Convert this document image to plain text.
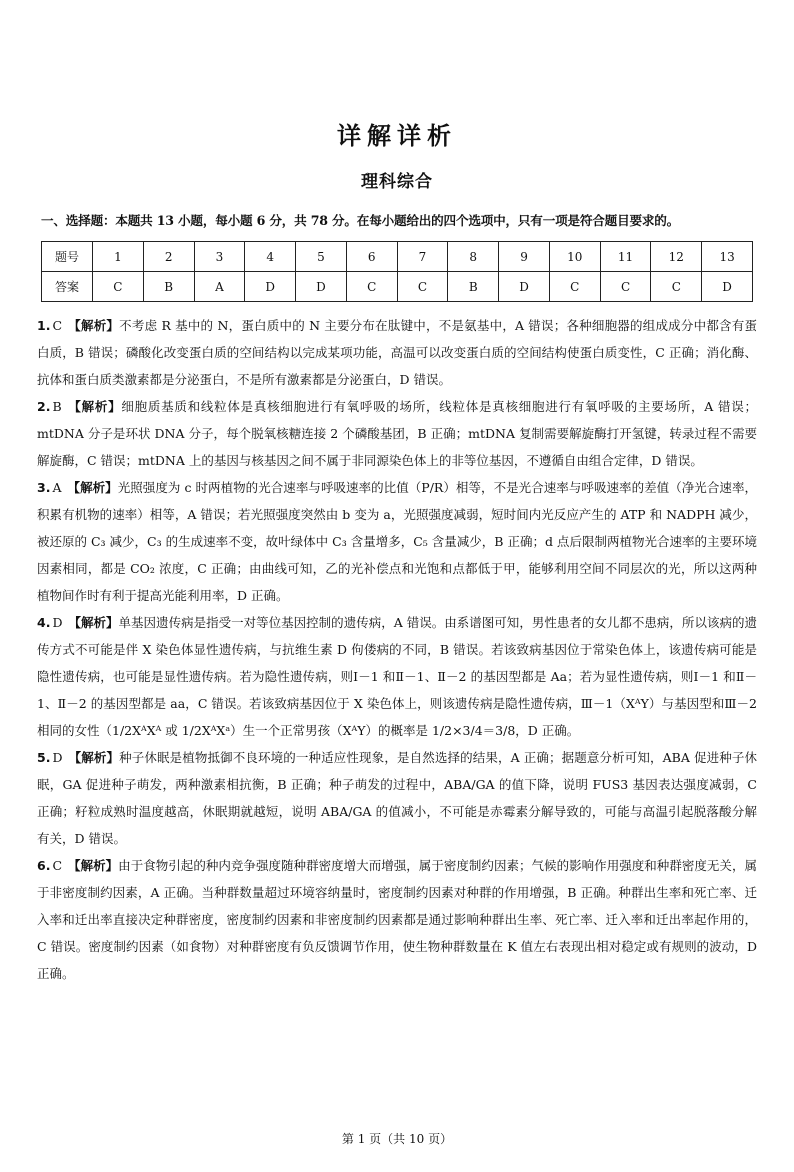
详解详析
理科综合
一、选择题：本题共 13 小题，每小题 6 分，共 78 分。在每小题给出的四个选项中，只有一项是符合题目要求的。
题号	1	2	3	4	5	6	7	8	9	10	11	12	13
答案	C	B	A	D	D	C	C	B	D	C	C	C	D
1. C 【解析】不考虑 R 基中的 N，蛋白质中的 N 主要分布在肽键中，不是氨基中，A 错误；各种细胞器的组成成分中都含有蛋白质，B 错误；磷酸化改变蛋白质的空间结构以完成某项功能，高温可以改变蛋白质的空间结构使蛋白质变性，C 正确；消化酶、抗体和蛋白质类激素都是分泌蛋白，不是所有激素都是分泌蛋白，D 错误。
2. B 【解析】细胞质基质和线粒体是真核细胞进行有氧呼吸的场所，线粒体是真核细胞进行有氧呼吸的主要场所，A 错误；mtDNA 分子是环状 DNA 分子，每个脱氧核糖连接 2 个磷酸基团，B 正确；mtDNA 复制需要解旋酶打开氢键，转录过程不需要解旋酶，C 错误；mtDNA 上的基因与核基因之间不属于非同源染色体上的非等位基因，不遵循自由组合定律，D 错误。
3. A 【解析】光照强度为 c 时两植物的光合速率与呼吸速率的比值（P/R）相等，不是光合速率与呼吸速率的差值（净光合速率，积累有机物的速率）相等，A 错误；若光照强度突然由 b 变为 a，光照强度减弱，短时间内光反应产生的 ATP 和 NADPH 减少，被还原的 C₃ 减少，C₃ 的生成速率不变，故叶绿体中 C₃ 含量增多，C₅ 含量减少，B 正确；d 点后限制两植物光合速率的主要环境因素相同，都是 CO₂ 浓度，C 正确；由曲线可知，乙的光补偿点和光饱和点都低于甲，能够利用空间不同层次的光，所以这两种植物间作时有利于提高光能利用率，D 正确。
4. D 【解析】单基因遗传病是指受一对等位基因控制的遗传病，A 错误。由系谱图可知，男性患者的女儿都不患病，所以该病的遗传方式不可能是伴 X 染色体显性遗传病，与抗维生素 D 佝偻病的不同，B 错误。若该致病基因位于常染色体上，该遗传病可能是隐性遗传病，也可能是显性遗传病。若为隐性遗传病，则Ⅰ－1 和Ⅱ－1、Ⅱ－2 的基因型都是 Aa；若为显性遗传病，则Ⅰ－1 和Ⅱ－1、Ⅱ－2 的基因型都是 aa，C 错误。若该致病基因位于 X 染色体上，则该遗传病是隐性遗传病，Ⅲ－1（XᴬY）与基因型和Ⅲ－2 相同的女性（1/2XᴬXᴬ 或 1/2XᴬXᵃ）生一个正常男孩（XᴬY）的概率是 1/2×3/4＝3/8，D 正确。
5. D 【解析】种子休眠是植物抵御不良环境的一种适应性现象，是自然选择的结果，A 正确；据题意分析可知，ABA 促进种子休眠，GA 促进种子萌发，两种激素相抗衡，B 正确；种子萌发的过程中，ABA/GA 的值下降，说明 FUS3 基因表达强度减弱，C 正确；籽粒成熟时温度越高，休眠期就越短，说明 ABA/GA 的值减小，不可能是赤霉素分解导致的，可能与高温引起脱落酸分解有关，D 错误。
6. C 【解析】由于食物引起的种内竞争强度随种群密度增大而增强，属于密度制约因素；气候的影响作用强度和种群密度无关，属于非密度制约因素，A 正确。当种群数量超过环境容纳量时，密度制约因素对种群的作用增强，B 正确。种群出生率和死亡率、迁入率和迁出率直接决定种群密度，密度制约因素和非密度制约因素都是通过影响种群出生率、死亡率、迁入率和迁出率起作用的，C 错误。密度制约因素（如食物）对种群密度有负反馈调节作用，使生物种群数量在 K 值左右表现出相对稳定或有规则的波动，D 正确。
第 1 页（共 10 页）
